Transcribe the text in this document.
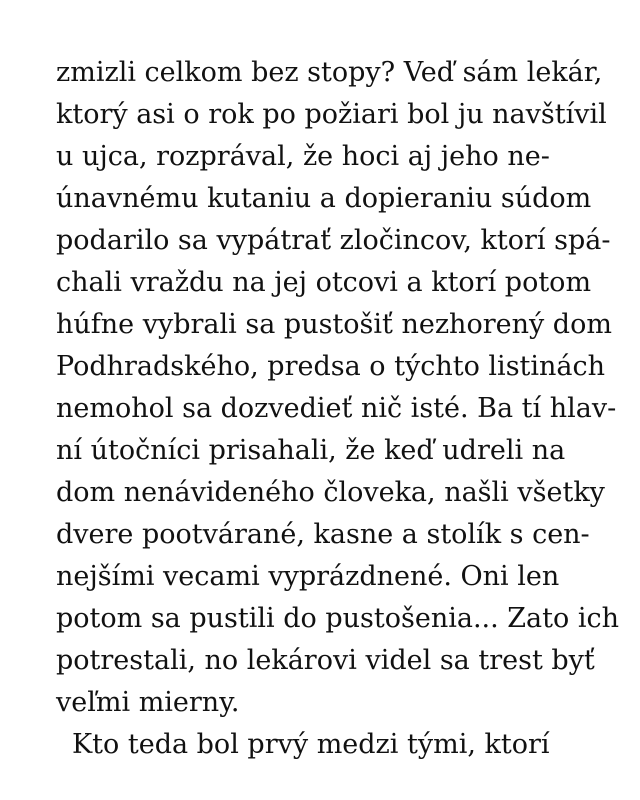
zmizli celkom bez stopy? Veď sám lekár,
ktorý asi o rok po požiari bol ju navštívil
u ujca, rozprával, že hoci aj jeho ne-
únavnému kutaniu a dopieraniu súdom
podarilo sa vypátrať zločincov, ktorí spá-
chali vraždu na jej otcovi a ktorí potom
húfne vybrali sa pustošiť nezhorený dom
Podhradského, predsa o týchto listinách
nemohol sa dozvedieť nič isté. Ba tí hlav-
ní útočníci prisahali, že keď udreli na
dom nenávideného človeka, našli všetky
dvere pootvárané, kasne a stolík s cen-
nejšími vecami vyprázdnené. Oni len
potom sa pustili do pustošenia... Zato ich
potrestali, no lekárovi videl sa trest byť
veľmi mierny.
Kto teda bol prvý medzi tými, ktorí
